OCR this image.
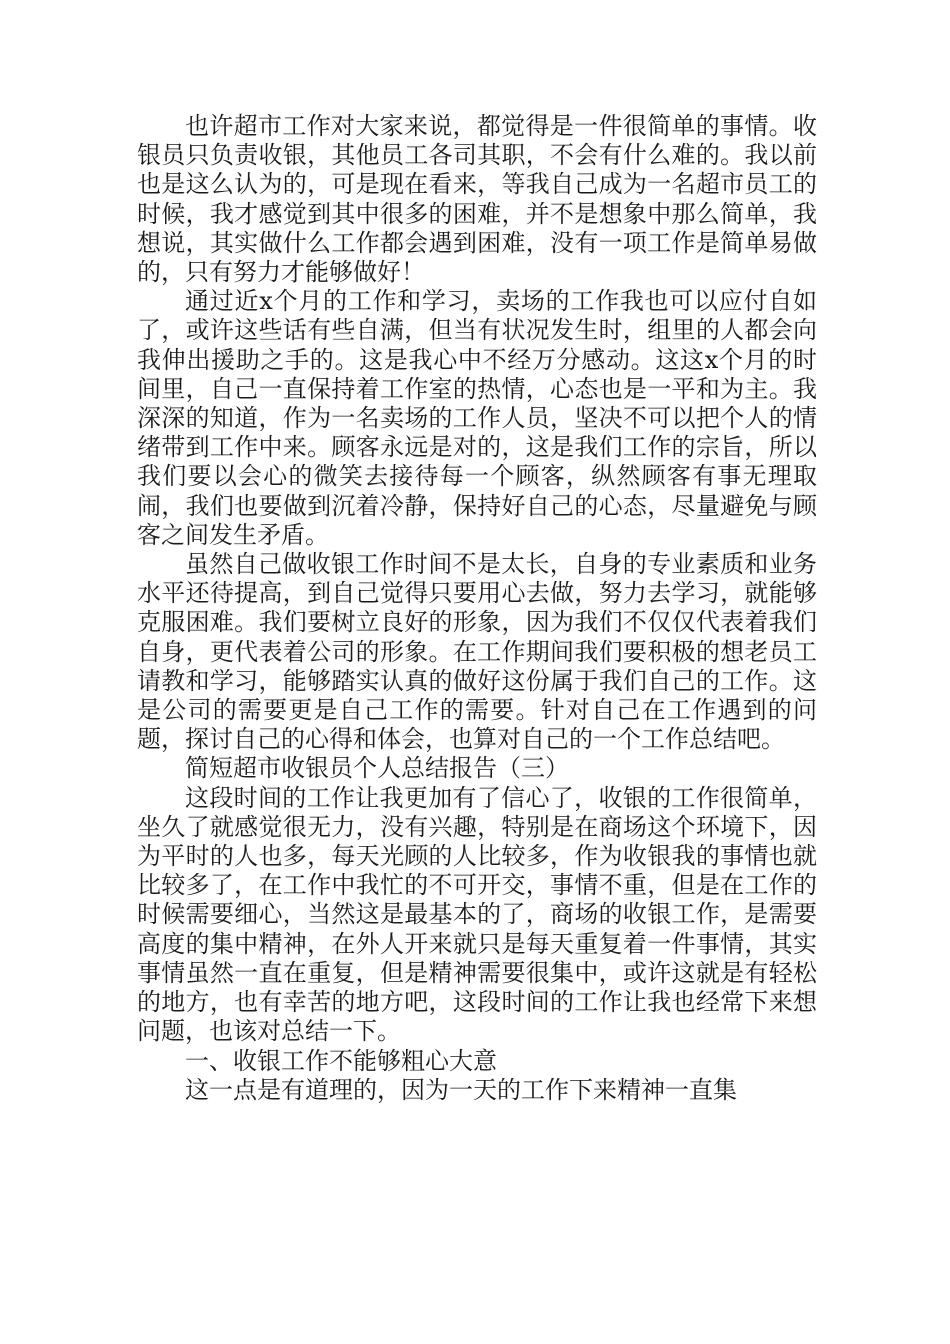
也许超市工作对大家来说，都觉得是一件很简单的事情。收银员只负责收银，其他员工各司其职，不会有什么难的。我以前也是这么认为的，可是现在看来，等我自己成为一名超市员工的时候，我才感觉到其中很多的困难，并不是想象中那么简单，我想说，其实做什么工作都会遇到困难，没有一项工作是简单易做的，只有努力才能够做好！

通过近x个月的工作和学习，卖场的工作我也可以应付自如了，或许这些话有些自满，但当有状况发生时，组里的人都会向我伸出援助之手的。这是我心中不经万分感动。这这x个月的时间里，自己一直保持着工作室的热情，心态也是一平和为主。我深深的知道，作为一名卖场的工作人员，坚决不可以把个人的情绪带到工作中来。顾客永远是对的，这是我们工作的宗旨，所以我们要以会心的微笑去接待每一个顾客，纵然顾客有事无理取闹，我们也要做到沉着冷静，保持好自己的心态，尽量避免与顾客之间发生矛盾。

虽然自己做收银工作时间不是太长，自身的专业素质和业务水平还待提高，到自己觉得只要用心去做，努力去学习，就能够克服困难。我们要树立良好的形象，因为我们不仅仅代表着我们自身，更代表着公司的形象。在工作期间我们要积极的想老员工请教和学习，能够踏实认真的做好这份属于我们自己的工作。这是公司的需要更是自己工作的需要。针对自己在工作遇到的问题，探讨自己的心得和体会，也算对自己的一个工作总结吧。

简短超市收银员个人总结报告（三）

这段时间的工作让我更加有了信心了，收银的工作很简单，坐久了就感觉很无力，没有兴趣，特别是在商场这个环境下，因为平时的人也多，每天光顾的人比较多，作为收银我的事情也就比较多了，在工作中我忙的不可开交，事情不重，但是在工作的时候需要细心，当然这是最基本的了，商场的收银工作，是需要高度的集中精神，在外人开来就只是每天重复着一件事情，其实事情虽然一直在重复，但是精神需要很集中，或许这就是有轻松的地方，也有幸苦的地方吧，这段时间的工作让我也经常下来想问题，也该对总结一下。

一、收银工作不能够粗心大意

这一点是有道理的，因为一天的工作下来精神一直集
